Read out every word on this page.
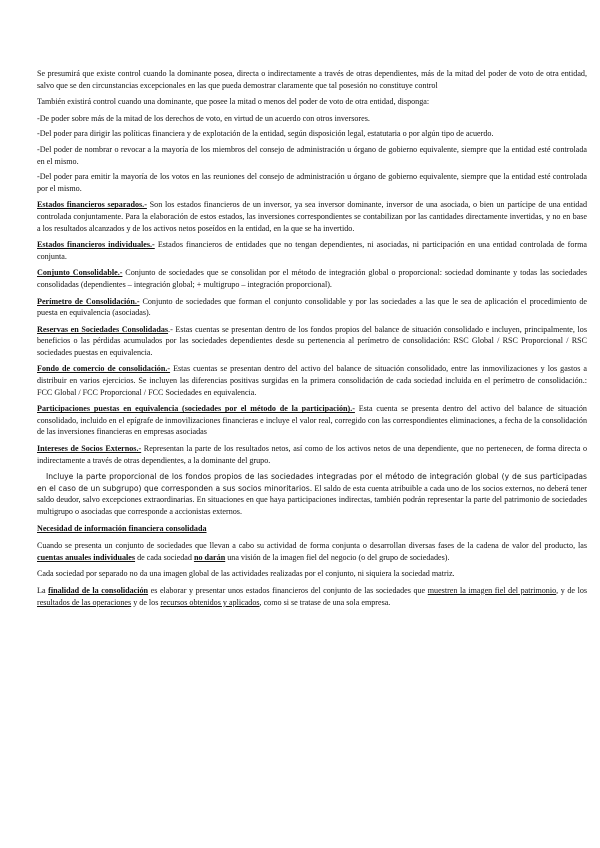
Se presumirá que existe control cuando la dominante posea, directa o indirectamente a través de otras dependientes, más de la mitad del poder de voto de otra entidad, salvo que se den circunstancias excepcionales en las que pueda demostrar claramente que tal posesión no constituye control

También existirá control cuando una dominante, que posee la mitad o menos del poder de voto de otra entidad, disponga:

-De poder sobre más de la mitad de los derechos de voto, en virtud de un acuerdo con otros inversores.

-Del poder para dirigir las políticas financiera y de explotación de la entidad, según disposición legal, estatutaria o por algún tipo de acuerdo.

-Del poder de nombrar o revocar a la mayoría de los miembros del consejo de administración u órgano de gobierno equivalente, siempre que la entidad esté controlada en el mismo.

-Del poder para emitir la mayoría de los votos en las reuniones del consejo de administración u órgano de gobierno equivalente, siempre que la entidad esté controlada por el mismo.

Estados financieros separados.- Son los estados financieros de un inversor, ya sea inversor dominante, inversor de una asociada, o bien un partícipe de una entidad controlada conjuntamente. Para la elaboración de estos estados, las inversiones correspondientes se contabilizan por las cantidades directamente invertidas, y no en base a los resultados alcanzados y de los activos netos poseídos en la entidad, en la que se ha invertido.

Estados financieros individuales.- Estados financieros de entidades que no tengan dependientes, ni asociadas, ni participación en una entidad controlada de forma conjunta.

Conjunto Consolidable.- Conjunto de sociedades que se consolidan por el método de integración global o proporcional: sociedad dominante y todas las sociedades consolidadas (dependientes – integración global; + multigrupo – integración proporcional).

Perímetro de Consolidación.- Conjunto de sociedades que forman el conjunto consolidable y por las sociedades a las que le sea de aplicación el procedimiento de puesta en equivalencia (asociadas).

Reservas en Sociedades Consolidadas.- Estas cuentas se presentan dentro de los fondos propios del balance de situación consolidado e incluyen, principalmente, los beneficios o las pérdidas acumulados por las sociedades dependientes desde su pertenencia al perímetro de consolidación: RSC Global / RSC Proporcional / RSC sociedades puestas en equivalencia.

Fondo de comercio de consolidación.- Estas cuentas se presentan dentro del activo del balance de situación consolidado, entre las inmovilizaciones y los gastos a distribuir en varios ejercicios. Se incluyen las diferencias positivas surgidas en la primera consolidación de cada sociedad incluida en el perímetro de consolidación.: FCC Global / FCC Proporcional / FCC Sociedades en equivalencia.

Participaciones puestas en equivalencia (sociedades por el método de la participación).- Esta cuenta se presenta dentro del activo del balance de situación consolidado, incluido en el epígrafe de inmovilizaciones financieras e incluye el valor real, corregido con las correspondientes eliminaciones, a fecha de la consolidación de las inversiones financieras en empresas asociadas

Intereses de Socios Externos.- Representan la parte de los resultados netos, así como de los activos netos de una dependiente, que no pertenecen, de forma directa o indirectamente a través de otras dependientes, a la dominante del grupo.

Incluye la parte proporcional de los fondos propios de las sociedades integradas por el método de integración global (y de sus participadas en el caso de un subgrupo) que corresponden a sus socios minoritarios. El saldo de esta cuenta atribuible a cada uno de los socios externos, no deberá tener saldo deudor, salvo excepciones extraordinarias. En situaciones en que haya participaciones indirectas, también podrán representar la parte del patrimonio de sociedades multigrupo o asociadas que corresponde a accionistas externos.

Necesidad de información financiera consolidada

Cuando se presenta un conjunto de sociedades que llevan a cabo su actividad de forma conjunta o desarrollan diversas fases de la cadena de valor del producto, las cuentas anuales individuales de cada sociedad no darán una visión de la imagen fiel del negocio (o del grupo de sociedades).

Cada sociedad por separado no da una imagen global de las actividades realizadas por el conjunto, ni siquiera la sociedad matriz.

La finalidad de la consolidación es elaborar y presentar unos estados financieros del conjunto de las sociedades que muestren la imagen fiel del patrimonio, y de los resultados de las operaciones y de los recursos obtenidos y aplicados, como si se tratase de una sola empresa.
